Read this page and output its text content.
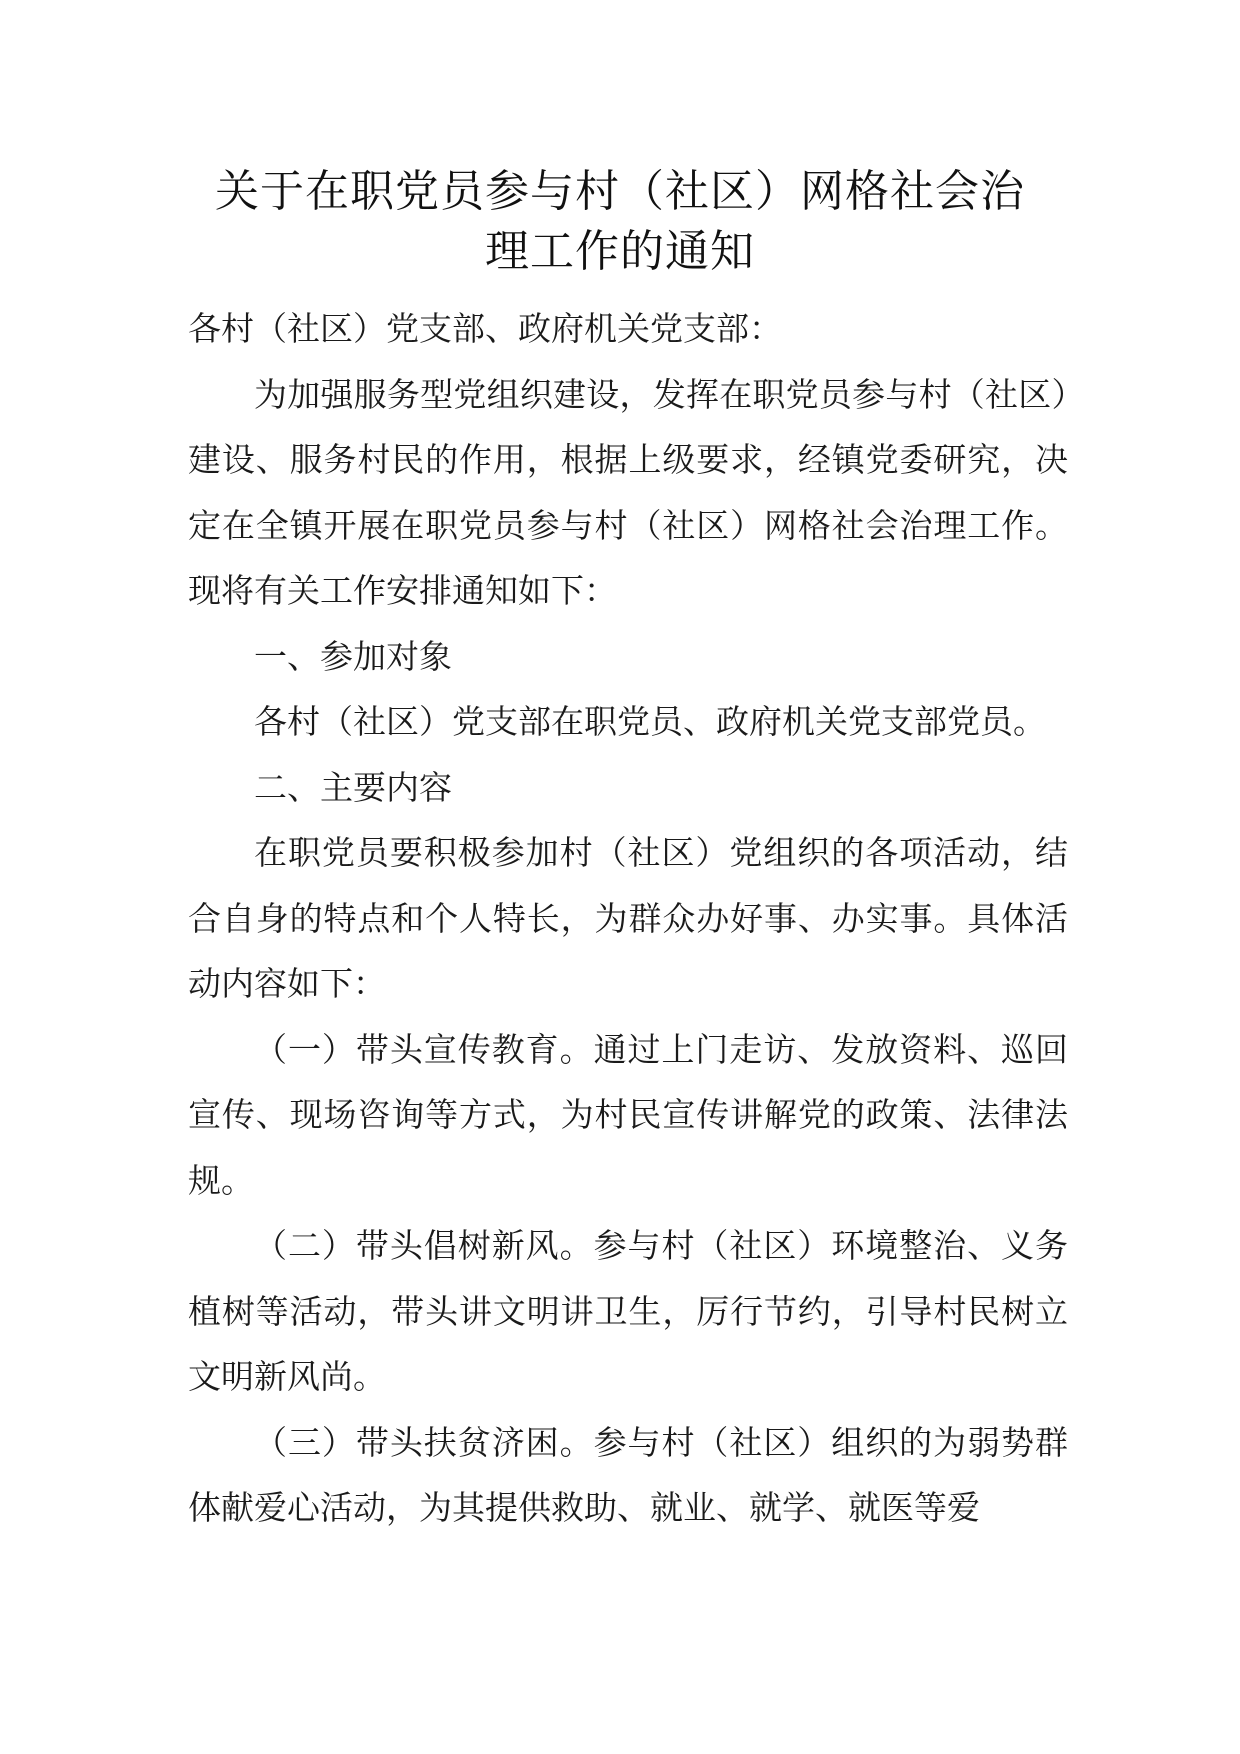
关于在职党员参与村（社区）网格社会治
理工作的通知

各村（社区）党支部、政府机关党支部：

为加强服务型党组织建设，发挥在职党员参与村（社区）建设、服务村民的作用，根据上级要求，经镇党委研究，决定在全镇开展在职党员参与村（社区）网格社会治理工作。现将有关工作安排通知如下：

一、参加对象

各村（社区）党支部在职党员、政府机关党支部党员。

二、主要内容

在职党员要积极参加村（社区）党组织的各项活动，结合自身的特点和个人特长，为群众办好事、办实事。具体活动内容如下：

（一）带头宣传教育。通过上门走访、发放资料、巡回宣传、现场咨询等方式，为村民宣传讲解党的政策、法律法规。

（二）带头倡树新风。参与村（社区）环境整治、义务植树等活动，带头讲文明讲卫生，厉行节约，引导村民树立文明新风尚。

（三）带头扶贫济困。参与村（社区）组织的为弱势群体献爱心活动，为其提供救助、就业、就学、就医等爱
